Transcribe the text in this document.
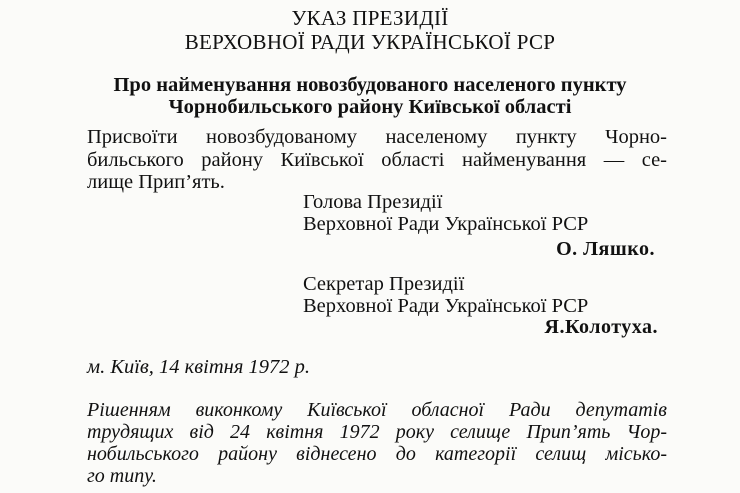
УКАЗ ПРЕЗИДІЇ
ВЕРХОВНОЇ РАДИ УКРАЇНСЬКОЇ РСР
Про найменування новозбудованого населеного пункту
Чорнобильського району Київської області
Присвоїти новозбудованому населеному пункту Чорно-
бильського району Київської області найменування — се-
лище Прип’ять.
Голова Президії
Верховної Ради Української РСР
О. Ляшко.
Секретар Президії
Верховної Ради Української РСР
Я.Колотуха.
м. Київ, 14 квітня 1972 р.
Рішенням виконкому Київської обласної Ради депутатів
трудящих від 24 квітня 1972 року селище Прип’ять Чор-
нобильського району віднесено до категорії селищ місько-
го типу.
